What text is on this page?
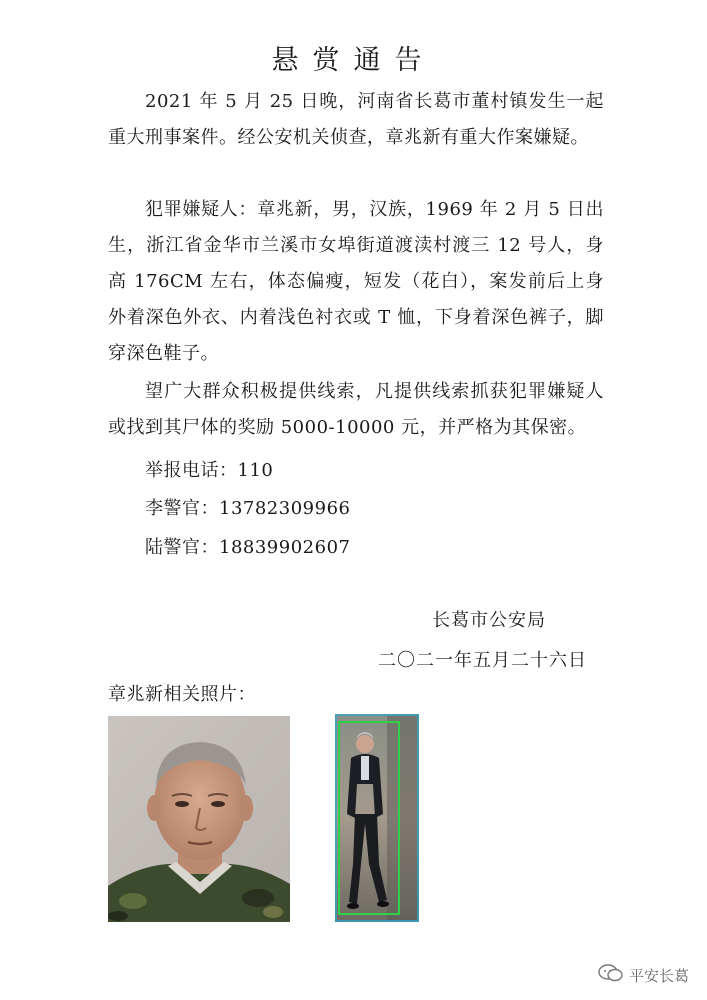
悬赏通告
2021 年 5 月 25 日晚，河南省长葛市董村镇发生一起重大刑事案件。经公安机关侦查，章兆新有重大作案嫌疑。
犯罪嫌疑人：章兆新，男，汉族，1969 年 2 月 5 日出生，浙江省金华市兰溪市女埠街道渡渎村渡三 12 号人，身高 176CM 左右，体态偏瘦，短发（花白），案发前后上身外着深色外衣、内着浅色衬衣或 T 恤，下身着深色裤子，脚穿深色鞋子。
望广大群众积极提供线索，凡提供线索抓获犯罪嫌疑人或找到其尸体的奖励 5000-10000 元，并严格为其保密。
举报电话：110
李警官：13782309966
陆警官：18839902607
长葛市公安局
二〇二一年五月二十六日
章兆新相关照片：
平安长葛
